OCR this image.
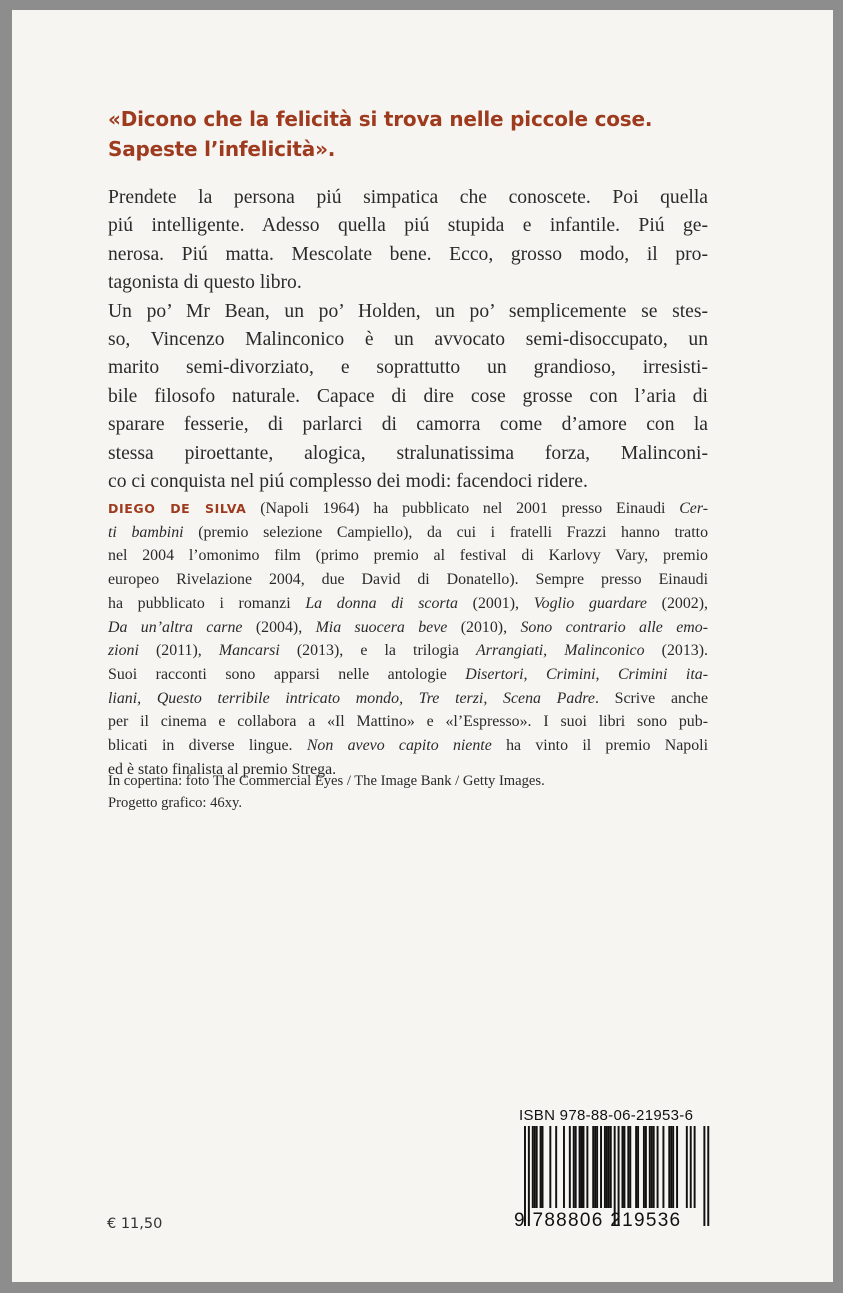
«Dicono che la felicità si trova nelle piccole cose.
Sapeste l’infelicità».
Prendete la persona piú simpatica che conoscete. Poi quella
piú intelligente. Adesso quella piú stupida e infantile. Piú ge-
nerosa. Piú matta. Mescolate bene. Ecco, grosso modo, il pro-
tagonista di questo libro.
Un po’ Mr Bean, un po’ Holden, un po’ semplicemente se stes-
so, Vincenzo Malinconico è un avvocato semi-disoccupato, un
marito semi-divorziato, e soprattutto un grandioso, irresisti-
bile filosofo naturale. Capace di dire cose grosse con l’aria di
sparare fesserie, di parlarci di camorra come d’amore con la
stessa piroettante, alogica, stralunatissima forza, Malinconi-
co ci conquista nel piú complesso dei modi: facendoci ridere.
DIEGO DE SILVA (Napoli 1964) ha pubblicato nel 2001 presso Einaudi Cer-
ti bambini (premio selezione Campiello), da cui i fratelli Frazzi hanno tratto
nel 2004 l’omonimo film (primo premio al festival di Karlovy Vary, premio
europeo Rivelazione 2004, due David di Donatello). Sempre presso Einaudi
ha pubblicato i romanzi La donna di scorta (2001), Voglio guardare (2002),
Da un’altra carne (2004), Mia suocera beve (2010), Sono contrario alle emo-
zioni (2011), Mancarsi (2013), e la trilogia Arrangiati, Malinconico (2013).
Suoi racconti sono apparsi nelle antologie Disertori, Crimini, Crimini ita-
liani, Questo terribile intricato mondo, Tre terzi, Scena Padre. Scrive anche
per il cinema e collabora a «Il Mattino» e «l’Espresso». I suoi libri sono pub-
blicati in diverse lingue. Non avevo capito niente ha vinto il premio Napoli
ed è stato finalista al premio Strega.
In copertina: foto The Commercial Eyes / The Image Bank / Getty Images.
Progetto grafico: 46xy.
ISBN 978-88-06-21953-6
9 788806 219536
€ 11,50
